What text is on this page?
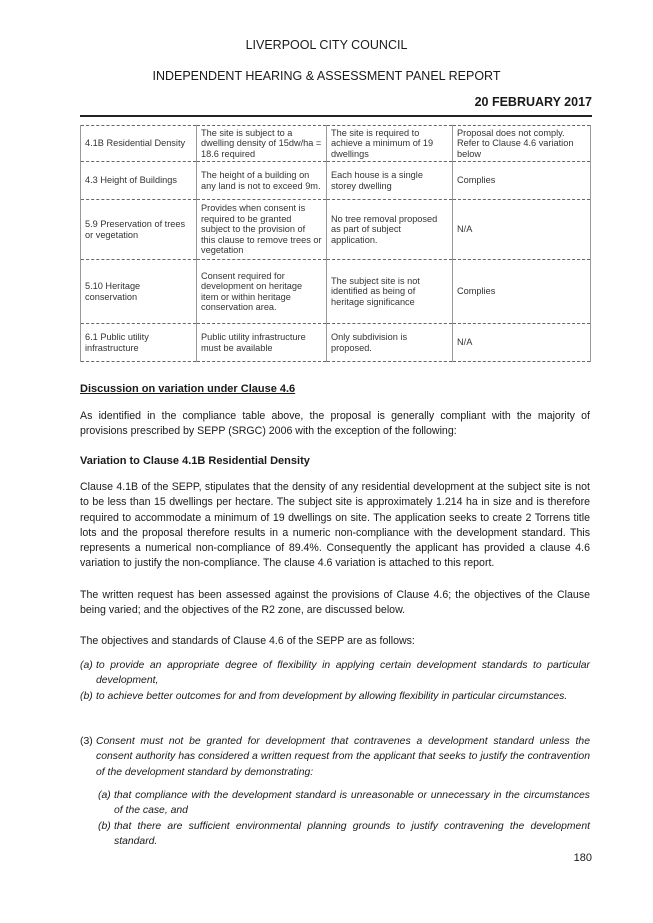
LIVERPOOL CITY COUNCIL
INDEPENDENT HEARING & ASSESSMENT PANEL REPORT
20 FEBRUARY 2017
4.1B Residential Density	The site is subject to a dwelling density of 15dw/ha = 18.6 required	The site is required to achieve a minimum of 19 dwellings	Proposal does not comply. Refer to Clause 4.6 variation below
4.3 Height of Buildings	The height of a building on any land is not to exceed 9m.	Each house is a single storey dwelling	Complies
5.9 Preservation of trees or vegetation	Provides when consent is required to be granted subject to the provision of this clause to remove trees or vegetation	No tree removal proposed as part of subject application.	N/A
5.10 Heritage conservation	Consent required for development on heritage item or within heritage conservation area.	The subject site is not identified as being of heritage significance	Complies
6.1 Public utility infrastructure	Public utility infrastructure must be available	Only subdivision is proposed.	N/A
Discussion on variation under Clause 4.6

As identified in the compliance table above, the proposal is generally compliant with the majority of provisions prescribed by SEPP (SRGC) 2006 with the exception of the following:

Variation to Clause 4.1B Residential Density

Clause 4.1B of the SEPP, stipulates that the density of any residential development at the subject site is not to be less than 15 dwellings per hectare. The subject site is approximately 1.214 ha in size and is therefore required to accommodate a minimum of 19 dwellings on site. The application seeks to create 2 Torrens title lots and the proposal therefore results in a numeric non-compliance with the development standard. This represents a numerical non-compliance of 89.4%. Consequently the applicant has provided a clause 4.6 variation to justify the non-compliance. The clause 4.6 variation is attached to this report.

The written request has been assessed against the provisions of Clause 4.6; the objectives of the Clause being varied; and the objectives of the R2 zone, are discussed below.

The objectives and standards of Clause 4.6 of the SEPP are as follows:

(a) to provide an appropriate degree of flexibility in applying certain development standards to particular development,
(b) to achieve better outcomes for and from development by allowing flexibility in particular circumstances.
(3) Consent must not be granted for development that contravenes a development standard unless the consent authority has considered a written request from the applicant that seeks to justify the contravention of the development standard by demonstrating:
(a) that compliance with the development standard is unreasonable or unnecessary in the circumstances of the case, and
(b) that there are sufficient environmental planning grounds to justify contravening the development standard.
180
